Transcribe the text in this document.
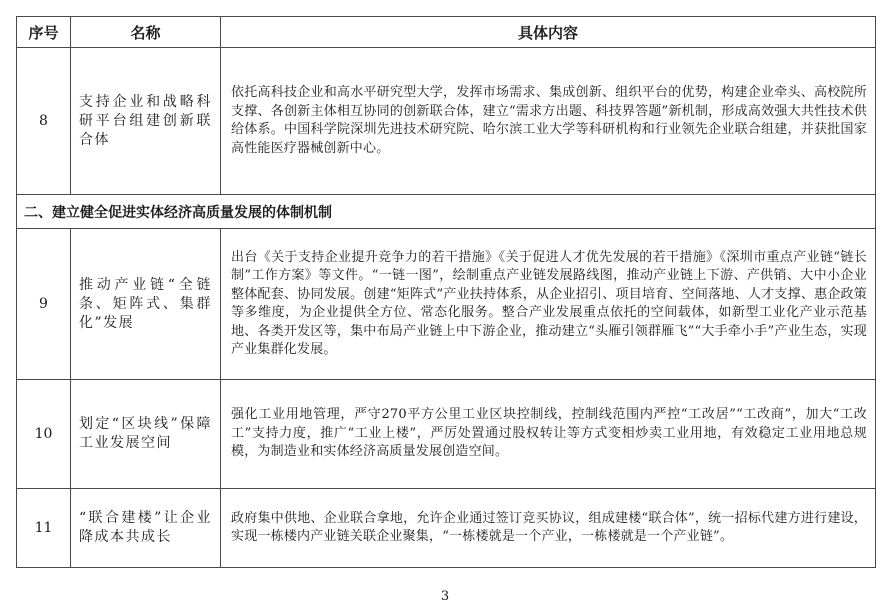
序号	名称	具体内容
8	支持企业和战略科研平台组建创新联合体	依托高科技企业和高水平研究型大学，发挥市场需求、集成创新、组织平台的优势，构建企业牵头、高校院所支撑、各创新主体相互协同的创新联合体，建立“需求方出题、科技界答题”新机制，形成高效强大共性技术供给体系。中国科学院深圳先进技术研究院、哈尔滨工业大学等科研机构和行业领先企业联合组建，并获批国家高性能医疗器械创新中心。
二、建立健全促进实体经济高质量发展的体制机制		
9	推动产业链“全链条、矩阵式、集群化”发展	出台《关于支持企业提升竞争力的若干措施》《关于促进人才优先发展的若干措施》《深圳市重点产业链“链长制”工作方案》等文件。“一链一图”，绘制重点产业链发展路线图，推动产业链上下游、产供销、大中小企业整体配套、协同发展。创建“矩阵式”产业扶持体系，从企业招引、项目培育、空间落地、人才支撑、惠企政策等多维度，为企业提供全方位、常态化服务。整合产业发展重点依托的空间载体，如新型工业化产业示范基地、各类开发区等，集中布局产业链上中下游企业，推动建立“头雁引领群雁飞”“大手牵小手”产业生态，实现产业集群化发展。
10	划定“区块线”保障工业发展空间	强化工业用地管理，严守270平方公里工业区块控制线，控制线范围内严控“工改居”“工改商”，加大“工改工”支持力度，推广“工业上楼”，严厉处置通过股权转让等方式变相炒卖工业用地，有效稳定工业用地总规模，为制造业和实体经济高质量发展创造空间。
11	“联合建楼”让企业降成本共成长	政府集中供地、企业联合拿地，允许企业通过签订竞买协议，组成建楼“联合体”，统一招标代建方进行建设，实现一栋楼内产业链关联企业聚集，“一栋楼就是一个产业，一栋楼就是一个产业链”。
3
